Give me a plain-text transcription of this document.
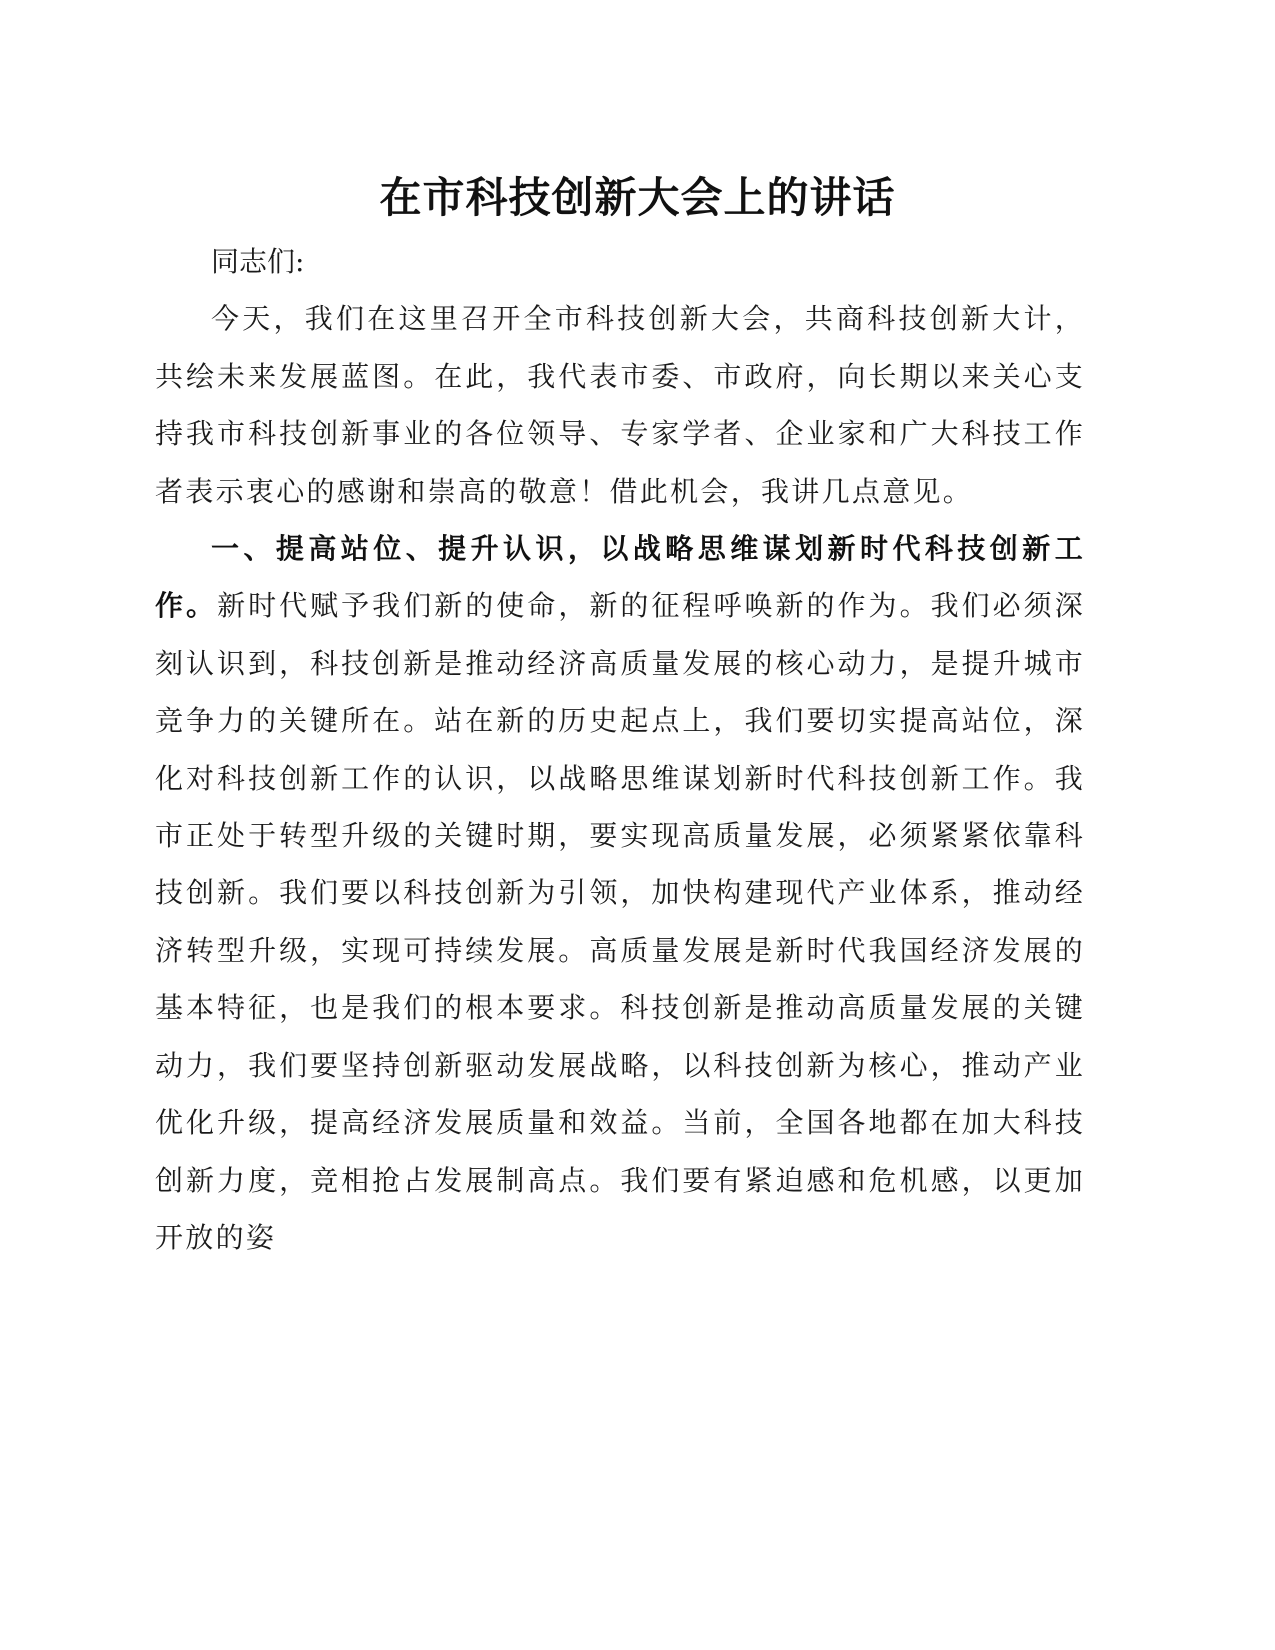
在市科技创新大会上的讲话

同志们:

今天，我们在这里召开全市科技创新大会，共商科技创新大计，共绘未来发展蓝图。在此，我代表市委、市政府，向长期以来关心支持我市科技创新事业的各位领导、专家学者、企业家和广大科技工作者表示衷心的感谢和崇高的敬意！借此机会，我讲几点意见。

一、提高站位、提升认识，以战略思维谋划新时代科技创新工作。新时代赋予我们新的使命，新的征程呼唤新的作为。我们必须深刻认识到，科技创新是推动经济高质量发展的核心动力，是提升城市竞争力的关键所在。站在新的历史起点上，我们要切实提高站位，深化对科技创新工作的认识，以战略思维谋划新时代科技创新工作。我市正处于转型升级的关键时期，要实现高质量发展，必须紧紧依靠科技创新。我们要以科技创新为引领，加快构建现代产业体系，推动经济转型升级，实现可持续发展。高质量发展是新时代我国经济发展的基本特征，也是我们的根本要求。科技创新是推动高质量发展的关键动力，我们要坚持创新驱动发展战略，以科技创新为核心，推动产业优化升级，提高经济发展质量和效益。当前，全国各地都在加大科技创新力度，竞相抢占发展制高点。我们要有紧迫感和危机感，以更加开放的姿
